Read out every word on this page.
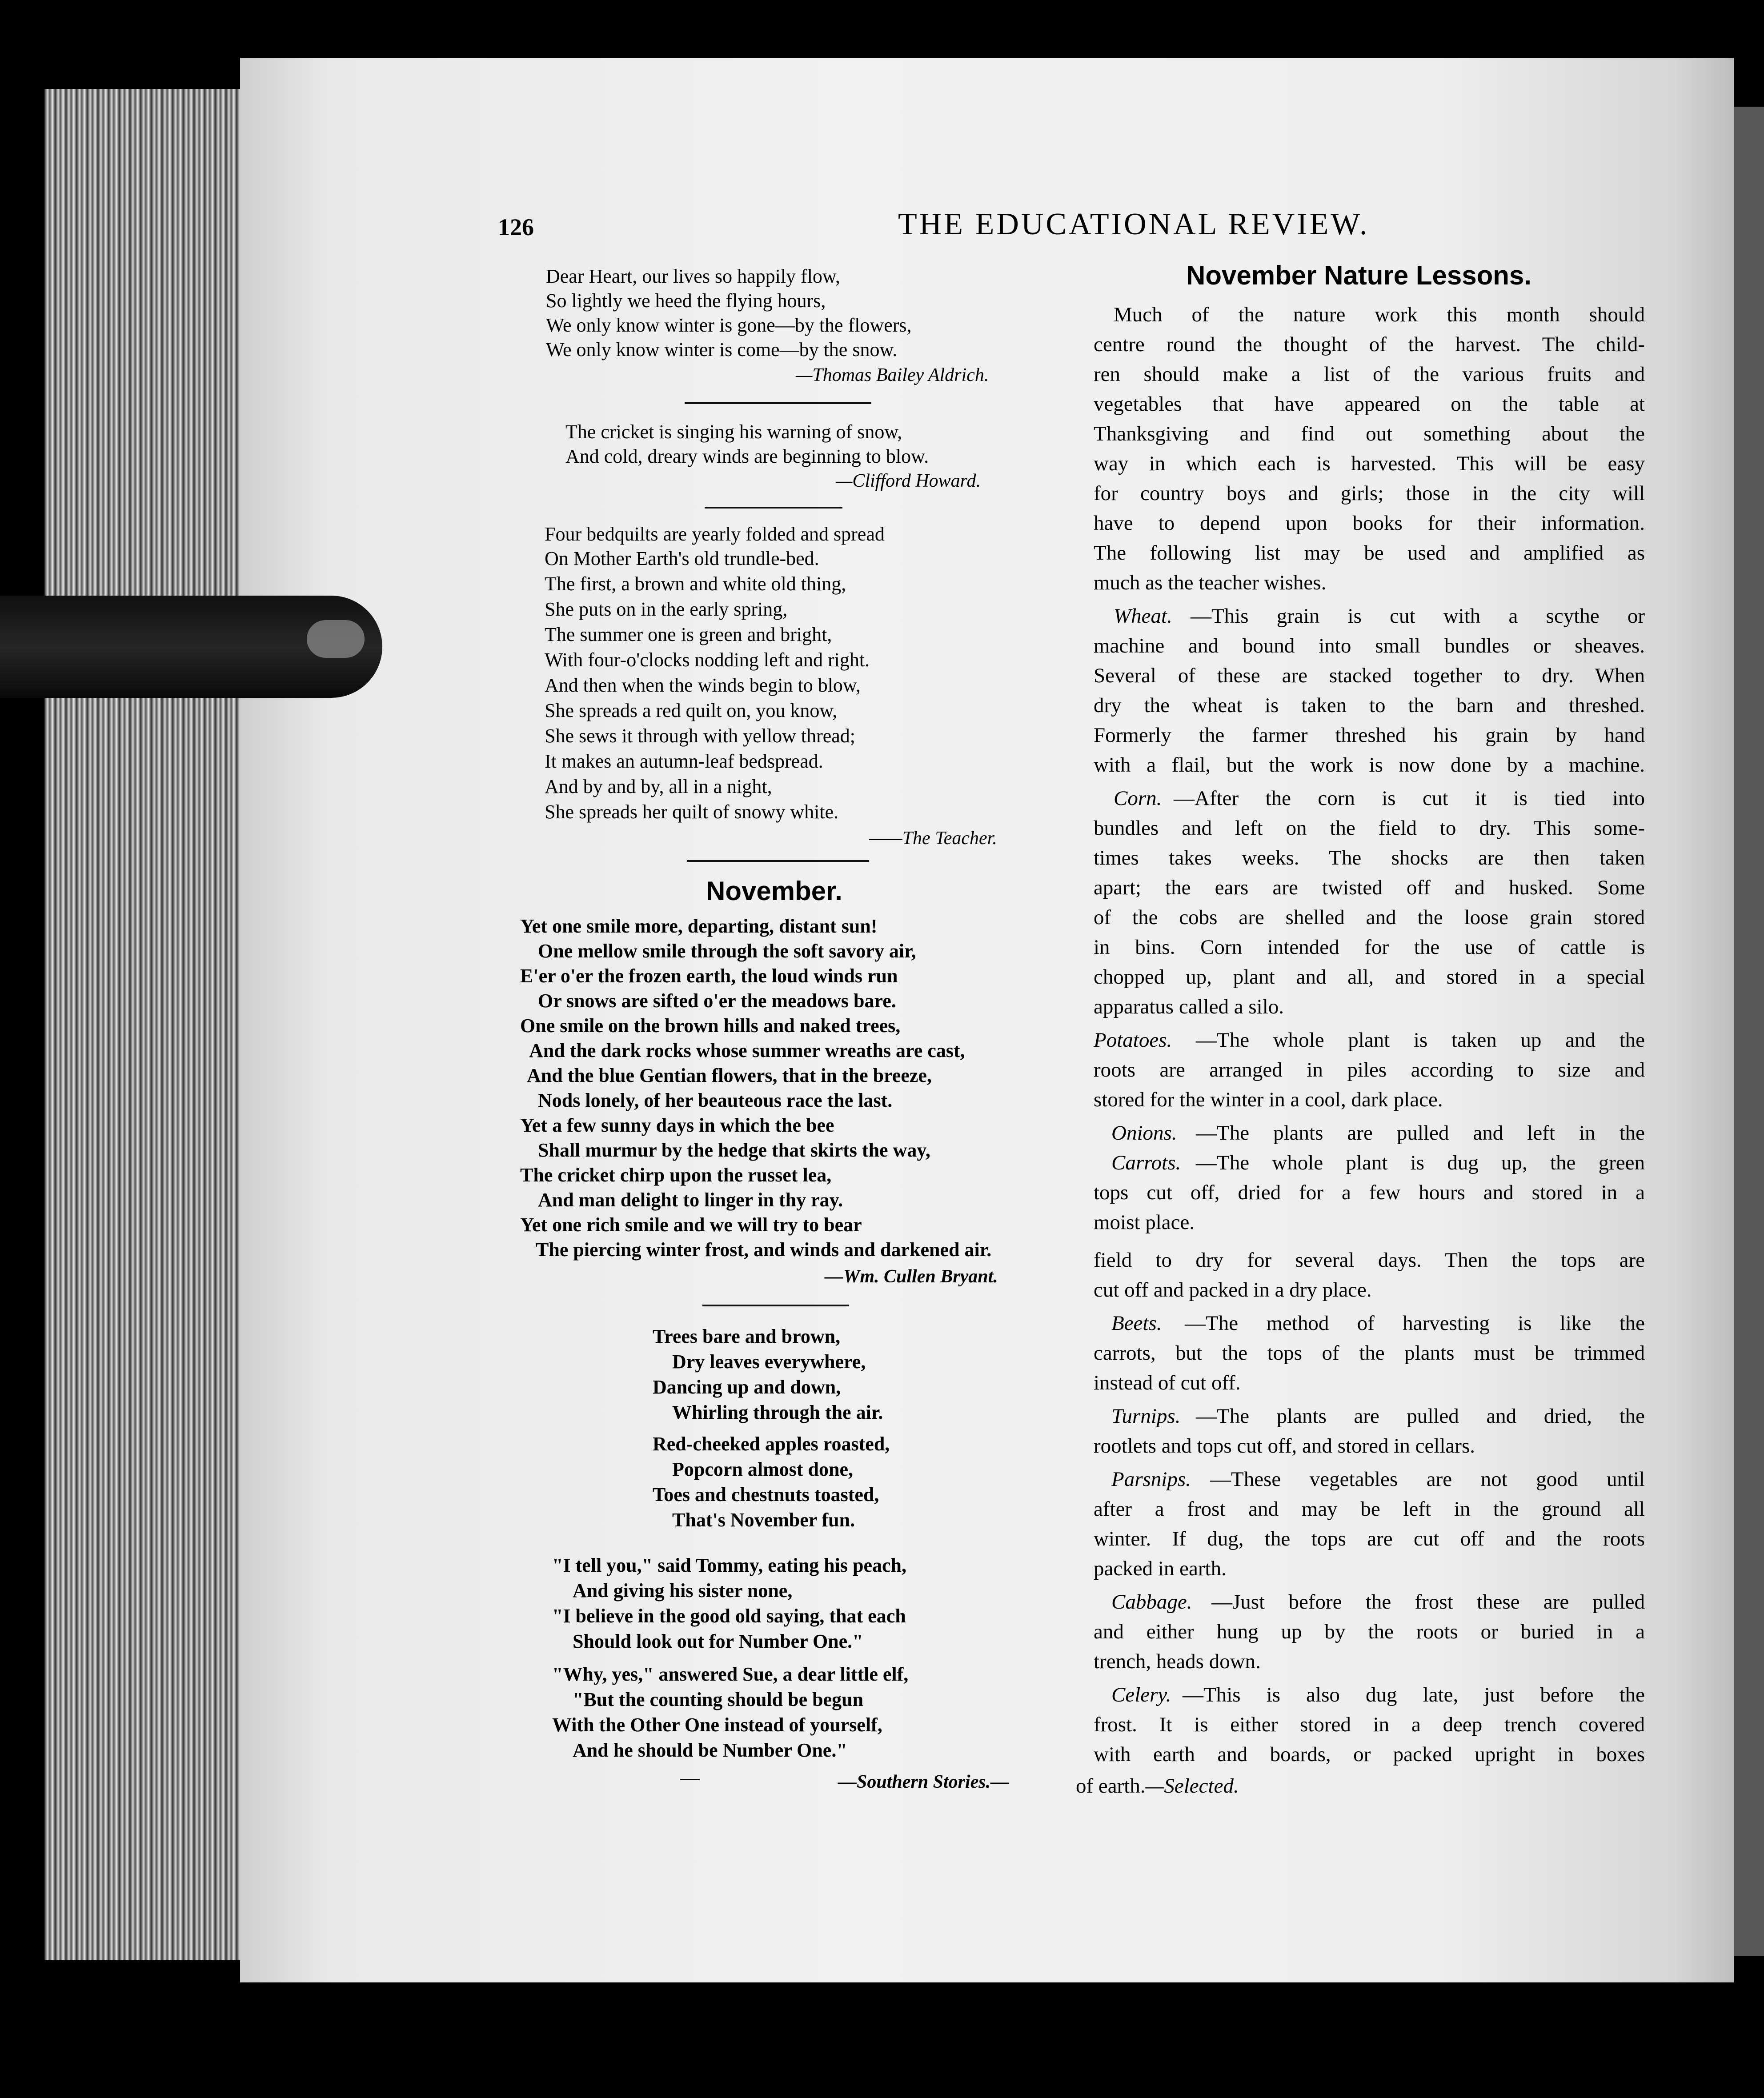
126	THE EDUCATIONAL REVIEW.
Dear Heart, our lives so happily flow,
So lightly we heed the flying hours,
We only know winter is gone—by the flowers,
We only know winter is come—by the snow.
—Thomas Bailey Aldrich.
The cricket is singing his warning of snow,
And cold, dreary winds are beginning to blow.
—Clifford Howard.
Four bedquilts are yearly folded and spread
On Mother Earth's old trundle-bed.
The first, a brown and white old thing,
She puts on in the early spring,
The summer one is green and bright,
With four-o'clocks nodding left and right.
And then when the winds begin to blow,
She spreads a red quilt on, you know,
She sews it through with yellow thread;
It makes an autumn-leaf bedspread.
And by and by, all in a night,
She spreads her quilt of snowy white.
——The Teacher.
November.
Yet one smile more, departing, distant sun!
One mellow smile through the soft savory air,
E'er o'er the frozen earth, the loud winds run
Or snows are sifted o'er the meadows bare.
One smile on the brown hills and naked trees,
And the dark rocks whose summer wreaths are cast,
And the blue Gentian flowers, that in the breeze,
Nods lonely, of her beauteous race the last.
Yet a few sunny days in which the bee
Shall murmur by the hedge that skirts the way,
The cricket chirp upon the russet lea,
And man delight to linger in thy ray.
Yet one rich smile and we will try to bear
The piercing winter frost, and winds and darkened air.
—Wm. Cullen Bryant.
Trees bare and brown,
Dry leaves everywhere,
Dancing up and down,
Whirling through the air.
Red-cheeked apples roasted,
Popcorn almost done,
Toes and chestnuts toasted,
That's November fun.
"I tell you," said Tommy, eating his peach,
And giving his sister none,
"I believe in the good old saying, that each
Should look out for Number One."
"Why, yes," answered Sue, a dear little elf,
"But the counting should be begun
With the Other One instead of yourself,
And he should be Number One."
—	—Southern Stories.—
November Nature Lessons.
Much of the nature work this month should
centre round the thought of the harvest. The child-
ren should make a list of the various fruits and
vegetables that have appeared on the table at
Thanksgiving and find out something about the
way in which each is harvested. This will be easy
for country boys and girls; those in the city will
have to depend upon books for their information.
The following list may be used and amplified as
much as the teacher wishes.
Wheat. —This grain is cut with a scythe or
machine and bound into small bundles or sheaves.
Several of these are stacked together to dry. When
dry the wheat is taken to the barn and threshed.
Formerly the farmer threshed his grain by hand
with a flail, but the work is now done by a machine.
Corn. —After the corn is cut it is tied into
bundles and left on the field to dry. This some-
times takes weeks. The shocks are then taken
apart; the ears are twisted off and husked. Some
of the cobs are shelled and the loose grain stored
in bins. Corn intended for the use of cattle is
chopped up, plant and all, and stored in a special
apparatus called a silo.
Potatoes.	—The whole plant is taken up and the
roots are arranged in piles according to size and
stored for the winter in a cool, dark place.
Onions. —The plants are pulled and left in the
Carrots. —The whole plant is dug up, the green
tops cut off, dried for a few hours and stored in a
moist place.
field to dry for several days. Then the tops are
cut off and packed in a dry place.
Beets.	—The method of harvesting is like the
carrots, but the tops of the plants must be trimmed
instead of cut off.
Turnips. —The plants are pulled and dried, the
rootlets and tops cut off, and stored in cellars.
Parsnips. —These vegetables are not good until
after a frost and may be left in the ground all
winter. If dug, the tops are cut off and the roots
packed in earth.
Cabbage. —Just before the frost these are pulled
and either hung up by the roots or buried in a
trench, heads down.
Celery. —This is also dug late, just before the
frost. It is either stored in a deep trench covered
with earth and boards, or packed upright in boxes
of earth.—Selected.
